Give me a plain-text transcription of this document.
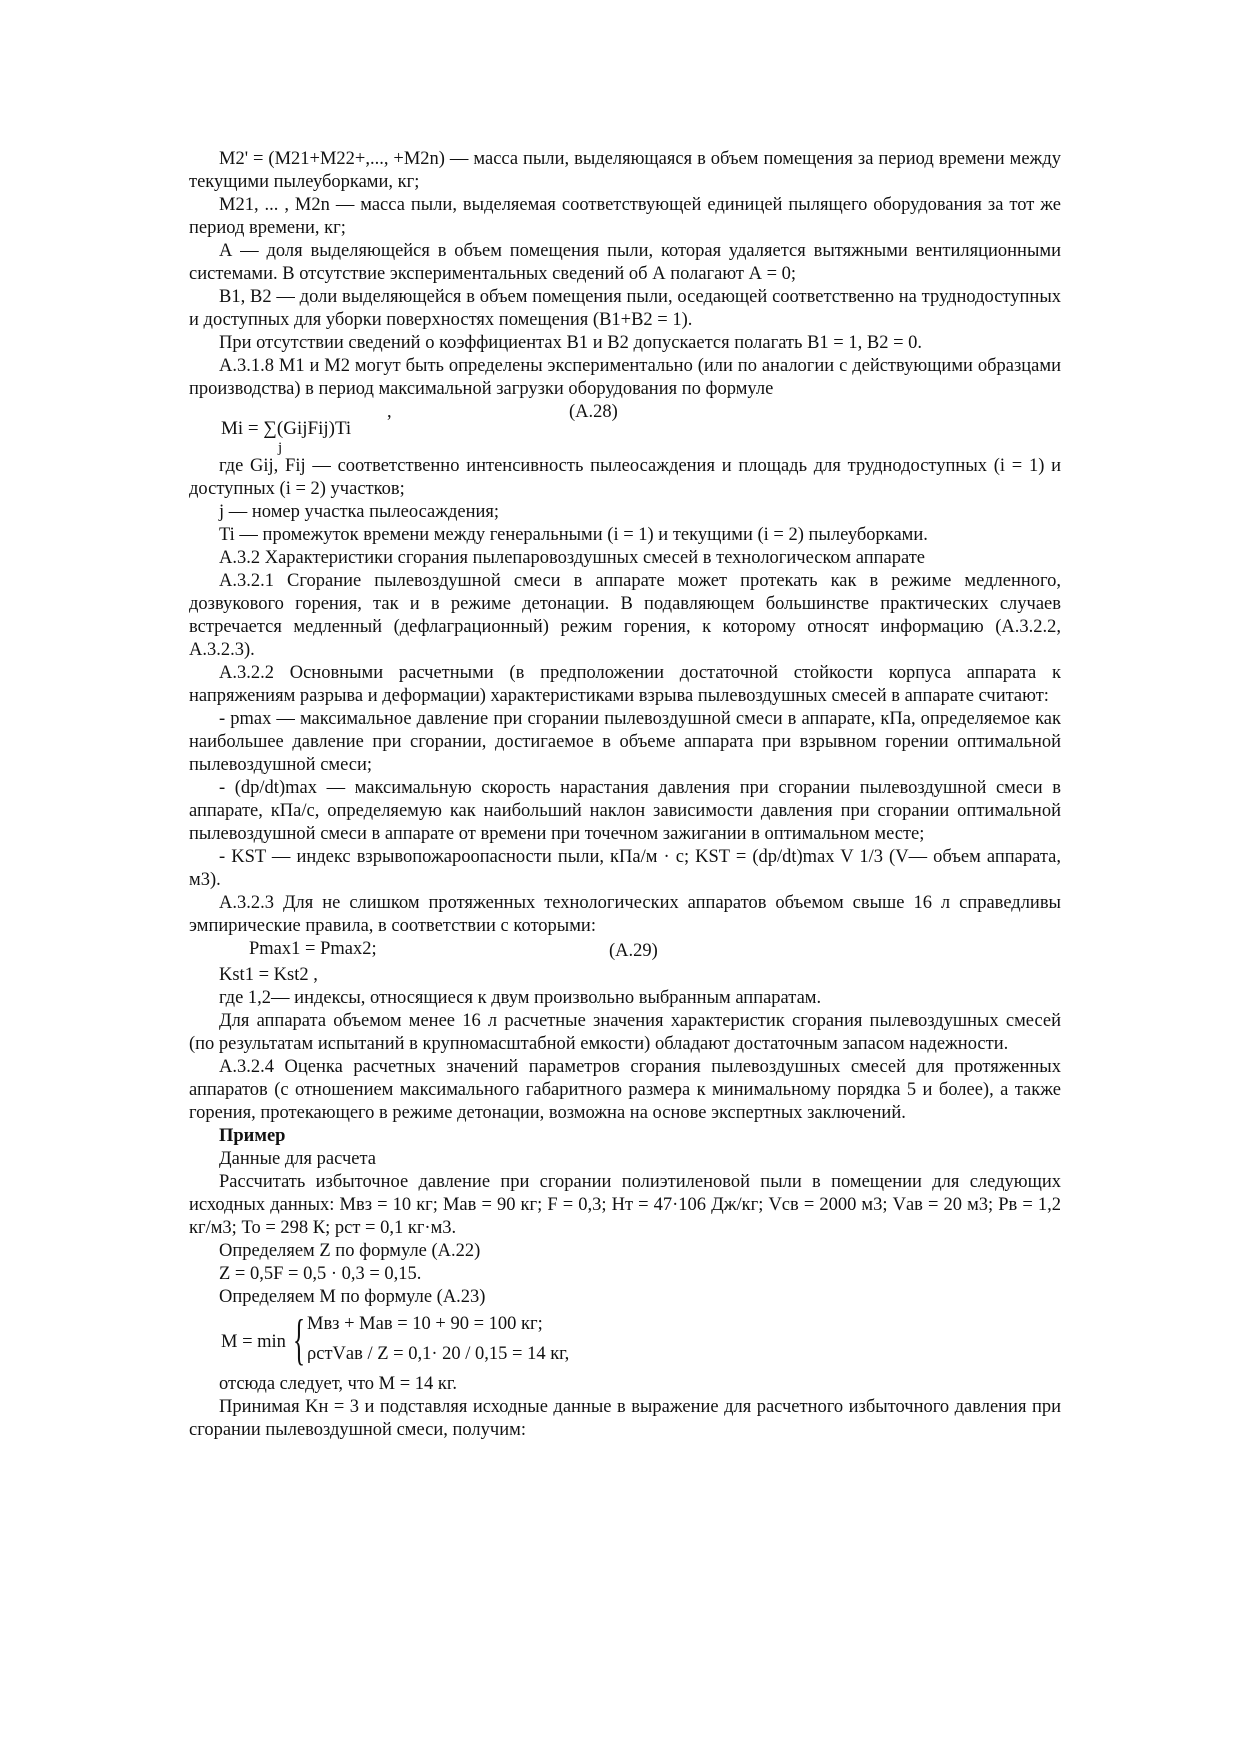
M2' = (M21+M22+,..., +M2n) — масса пыли, выделяющаяся в объем помещения за период времени между текущими пылеуборками, кг;

M21, ... , M2n — масса пыли, выделяемая соответствующей единицей пылящего оборудования за тот же период времени, кг;

А — доля выделяющейся в объем помещения пыли, которая удаляется вытяжными вентиляционными системами. В отсутствие экспериментальных сведений об А полагают А = 0;

B1, B2 — доли выделяющейся в объем помещения пыли, оседающей соответственно на труднодоступных и доступных для уборки поверхностях помещения (B1+B2 = 1).

При отсутствии сведений о коэффициентах В1 и В2 допускается полагать В1 = 1, В2 = 0.

А.3.1.8 M1 и M2 могут быть определены экспериментально (или по аналогии с действующими образцами производства) в период максимальной загрузки оборудования по формуле

,	(А.28)
Mi = ∑(GijFij)Ti
j

где Gij, Fij — соответственно интенсивность пылеосаждения и площадь для труднодоступных (i = 1) и доступных (i = 2) участков;

j — номер участка пылеосаждения;

Ti — промежуток времени между генеральными (i = 1) и текущими (i = 2) пылеуборками.

А.3.2 Характеристики сгорания пылепаровоздушных смесей в технологическом аппарате

А.3.2.1 Сгорание пылевоздушной смеси в аппарате может протекать как в режиме медленного, дозвукового горения, так и в режиме детонации. В подавляющем большинстве практических случаев встречается медленный (дефлаграционный) режим горения, к которому относят информацию (А.3.2.2, А.3.2.3).

А.3.2.2 Основными расчетными (в предположении достаточной стойкости корпуса аппарата к напряжениям разрыва и деформации) характеристиками взрыва пылевоздушных смесей в аппарате считают:

- pmax — максимальное давление при сгорании пылевоздушной смеси в аппарате, кПа, определяемое как наибольшее давление при сгорании, достигаемое в объеме аппарата при взрывном горении оптимальной пылевоздушной смеси;

- (dp/dt)max — максимальную скорость нарастания давления при сгорании пылевоздушной смеси в аппарате, кПа/с, определяемую как наибольший наклон зависимости давления при сгорании оптимальной пылевоздушной смеси в аппарате от времени при точечном зажигании в оптимальном месте;

- KST — индекс взрывопожароопасности пыли, кПа/м · с; KST = (dp/dt)max V 1/3 (V— объем аппарата, м3).

А.3.2.3 Для не слишком протяженных технологических аппаратов объемом свыше 16 л справедливы эмпирические правила, в соответствии с которыми:

Pmax1 = Pmax2;	(А.29)

Kst1 = Kst2 ,

где 1,2— индексы, относящиеся к двум произвольно выбранным аппаратам.

Для аппарата объемом менее 16 л расчетные значения характеристик сгорания пылевоздушных смесей (по результатам испытаний в крупномасштабной емкости) обладают достаточным запасом надежности.

А.3.2.4 Оценка расчетных значений параметров сгорания пылевоздушных смесей для протяженных аппаратов (с отношением максимального габаритного размера к минимальному порядка 5 и более), а также горения, протекающего в режиме детонации, возможна на основе экспертных заключений.

Пример

Данные для расчета

Рассчитать избыточное давление при сгорании полиэтиленовой пыли в помещении для следующих исходных данных: Mвз = 10 кг; Mав = 90 кг; F = 0,3; Hт = 47·106 Дж/кг; Vсв = 2000 м3; Vав = 20 м3; Pв = 1,2 кг/м3; To = 298 К; pст = 0,1 кг·м3.

Определяем Z по формуле (А.22)

Z = 0,5F = 0,5 · 0,3 = 0,15.

Определяем M по формуле (А.23)

M = min { Mвз + Mав = 10 + 90 = 100 кг;
ρстVав / Z = 0,1· 20 / 0,15 = 14 кг,

отсюда следует, что M = 14 кг.

Принимая Kн = 3 и подставляя исходные данные в выражение для расчетного избыточного давления при сгорании пылевоздушной смеси, получим:
